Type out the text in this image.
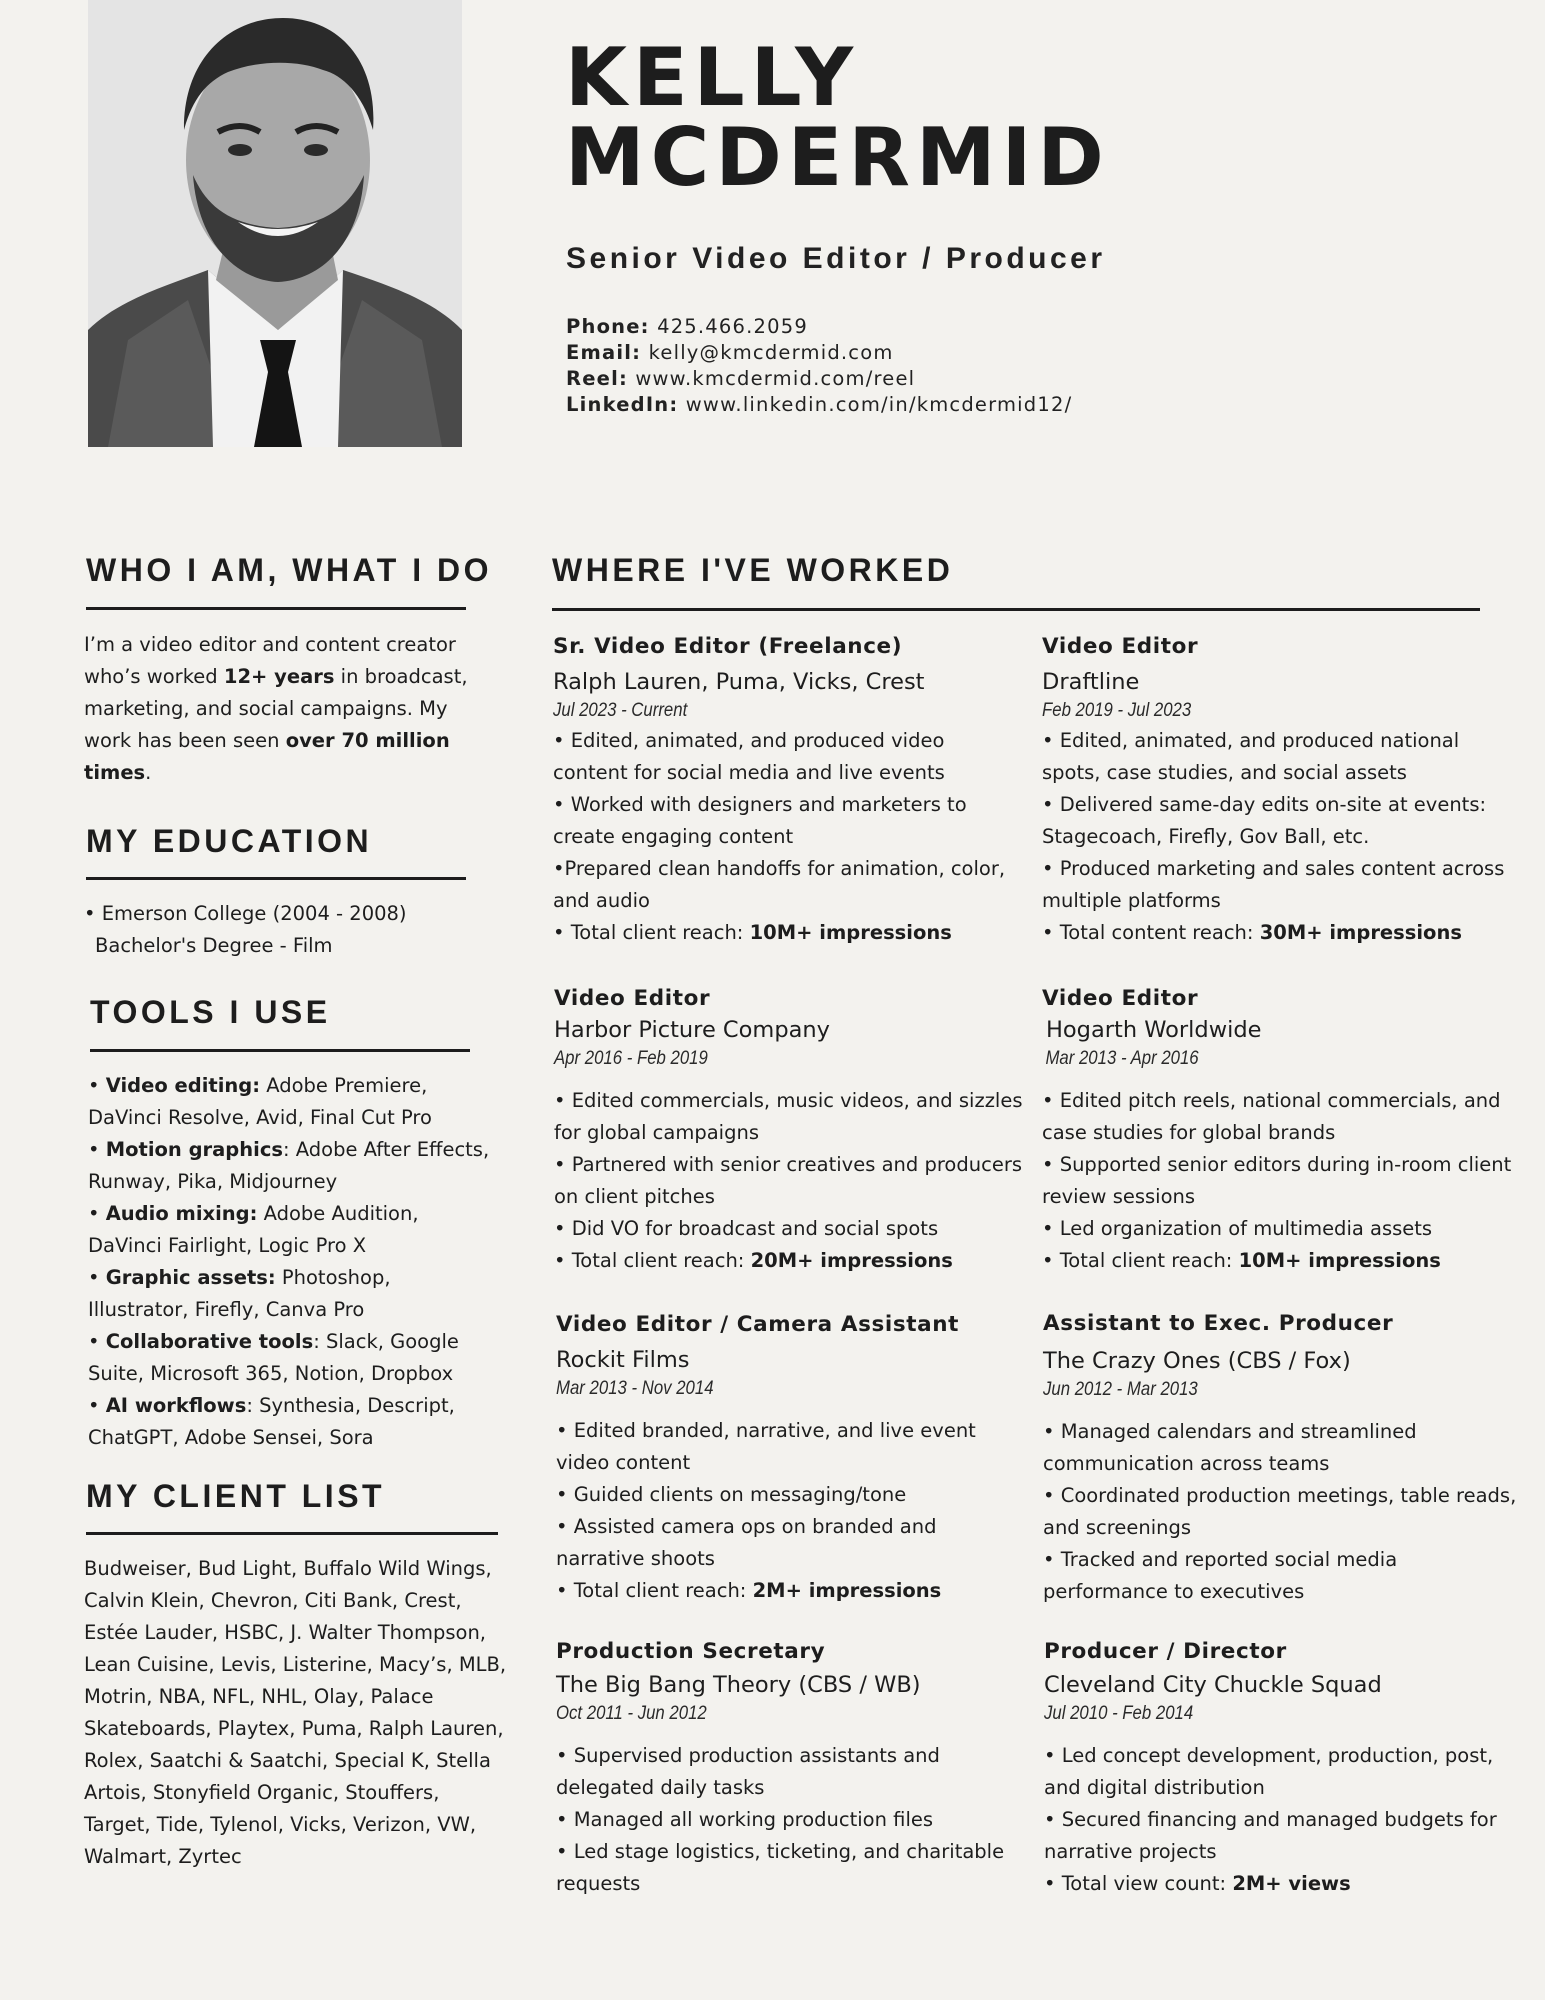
KELLY
MCDERMID
Senior Video Editor / Producer
Phone: 425.466.2059
Email: kelly@kmcdermid.com
Reel: www.kmcdermid.com/reel
LinkedIn: www.linkedin.com/in/kmcdermid12/
WHO I AM, WHAT I DO
I’m a video editor and content creator who’s worked 12+ years in broadcast, marketing, and social campaigns. My work has been seen over 70 million times.
MY EDUCATION
• Emerson College (2004 - 2008)
Bachelor's Degree - Film
TOOLS I USE
• Video editing: Adobe Premiere, DaVinci Resolve, Avid, Final Cut Pro
• Motion graphics: Adobe After Effects, Runway, Pika, Midjourney
• Audio mixing: Adobe Audition, DaVinci Fairlight, Logic Pro X
• Graphic assets: Photoshop, Illustrator, Firefly, Canva Pro
• Collaborative tools: Slack, Google Suite, Microsoft 365, Notion, Dropbox
• AI workflows: Synthesia, Descript, ChatGPT, Adobe Sensei, Sora
MY CLIENT LIST
Budweiser, Bud Light, Buffalo Wild Wings, Calvin Klein, Chevron, Citi Bank, Crest, Estée Lauder, HSBC, J. Walter Thompson, Lean Cuisine, Levis, Listerine, Macy’s, MLB, Motrin, NBA, NFL, NHL, Olay, Palace Skateboards, Playtex, Puma, Ralph Lauren, Rolex, Saatchi & Saatchi, Special K, Stella Artois, Stonyfield Organic, Stouffers, Target, Tide, Tylenol, Vicks, Verizon, VW, Walmart, Zyrtec
WHERE I'VE WORKED
Sr. Video Editor (Freelance)
Ralph Lauren, Puma, Vicks, Crest
Jul 2023 - Current
• Edited, animated, and produced video content for social media and live events
• Worked with designers and marketers to create engaging content
•Prepared clean handoffs for animation, color, and audio
• Total client reach: 10M+ impressions
Video Editor
Draftline
Feb 2019 - Jul 2023
• Edited, animated, and produced national spots, case studies, and social assets
• Delivered same-day edits on-site at events: Stagecoach, Firefly, Gov Ball, etc.
• Produced marketing and sales content across multiple platforms
• Total content reach: 30M+ impressions
Video Editor
Harbor Picture Company
Apr 2016 - Feb 2019
• Edited commercials, music videos, and sizzles for global campaigns
• Partnered with senior creatives and producers on client pitches
• Did VO for broadcast and social spots
• Total client reach: 20M+ impressions
Video Editor
Hogarth Worldwide
Mar 2013 - Apr 2016
• Edited pitch reels, national commercials, and case studies for global brands
• Supported senior editors during in-room client review sessions
• Led organization of multimedia assets
• Total client reach: 10M+ impressions
Video Editor / Camera Assistant
Rockit Films
Mar 2013 - Nov 2014
• Edited branded, narrative, and live event video content
• Guided clients on messaging/tone
• Assisted camera ops on branded and narrative shoots
• Total client reach: 2M+ impressions
Assistant to Exec. Producer
The Crazy Ones (CBS / Fox)
Jun 2012 - Mar 2013
• Managed calendars and streamlined communication across teams
• Coordinated production meetings, table reads, and screenings
• Tracked and reported social media performance to executives
Production Secretary
The Big Bang Theory (CBS / WB)
Oct 2011 - Jun 2012
• Supervised production assistants and delegated daily tasks
• Managed all working production files
• Led stage logistics, ticketing, and charitable requests
Producer / Director
Cleveland City Chuckle Squad
Jul 2010 - Feb 2014
• Led concept development, production, post, and digital distribution
• Secured financing and managed budgets for narrative projects
• Total view count: 2M+ views
